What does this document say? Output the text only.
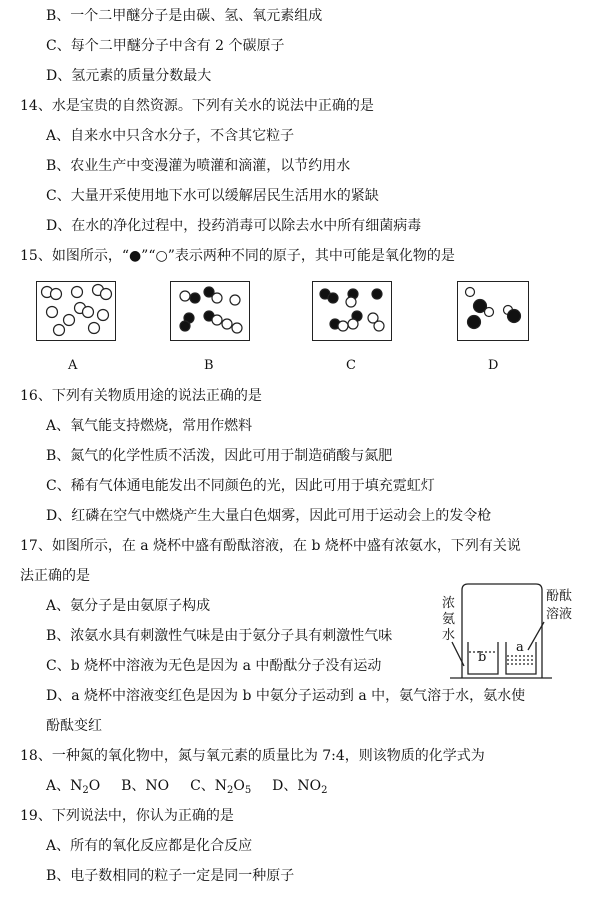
B、一个二甲醚分子是由碳、氢、氧元素组成
C、每个二甲醚分子中含有 2 个碳原子
D、氢元素的质量分数最大
14、水是宝贵的自然资源。下列有关水的说法中正确的是
A、自来水中只含水分子，不含其它粒子
B、农业生产中变漫灌为喷灌和滴灌，以节约用水
C、大量开采使用地下水可以缓解居民生活用水的紧缺
D、在水的净化过程中，投药消毒可以除去水中所有细菌病毒
15、如图所示，“●”“○”表示两种不同的原子，其中可能是氧化物的是
A	B	C	D
16、下列有关物质用途的说法正确的是
A、氧气能支持燃烧，常用作燃料
B、氮气的化学性质不活泼，因此可用于制造硝酸与氮肥
C、稀有气体通电能发出不同颜色的光，因此可用于填充霓虹灯
D、红磷在空气中燃烧产生大量白色烟雾，因此可用于运动会上的发令枪
17、如图所示，在 a 烧杯中盛有酚酞溶液，在 b 烧杯中盛有浓氨水，下列有关说
法正确的是
A、氨分子是由氨原子构成
B、浓氨水具有刺激性气味是由于氨分子具有刺激性气味
C、b 烧杯中溶液为无色是因为 a 中酚酞分子没有运动
D、a 烧杯中溶液变红色是因为 b 中氨分子运动到 a 中，氨气溶于水，氨水使
酚酞变红
浓
氨
水
酚酞
溶液
b
a
18、一种氮的氧化物中，氮与氧元素的质量比为 7:4，则该物质的化学式为
A、$N_2O$ B、NO C、$N_2O_5$ D、$NO_2$
19、下列说法中，你认为正确的是
A、所有的氧化反应都是化合反应
B、电子数相同的粒子一定是同一种原子
